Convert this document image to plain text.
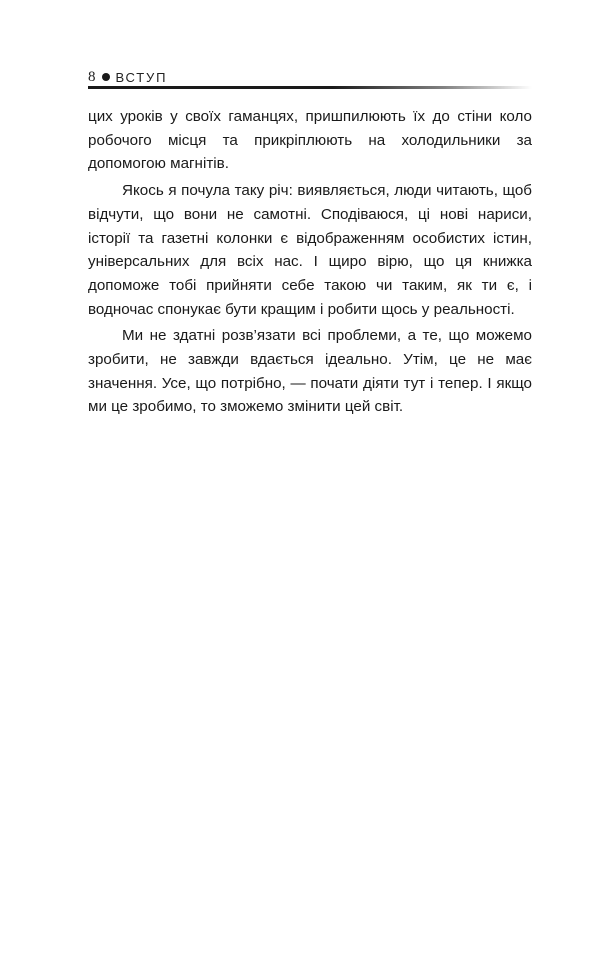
8 ВСТУП

цих уроків у своїх гаманцях, пришпилюють їх до стіни коло робочого місця та прикріплюють на холодильники за допомогою магнітів.

Якось я почула таку річ: виявляється, люди читають, щоб відчути, що вони не самотні. Сподіваюся, ці нові нариси, історії та газетні колонки є відображенням особистих істин, універсальних для всіх нас. І щиро вірю, що ця книжка допоможе тобі прийняти себе такою чи таким, як ти є, і водночас спонукає бути кращим і робити щось у реальності.

Ми не здатні розв’язати всі проблеми, а те, що можемо зробити, не завжди вдається ідеально. Утім, це не має значення. Усе, що потрібно, — почати діяти тут і тепер. І якщо ми це зробимо, то зможемо змінити цей світ.
